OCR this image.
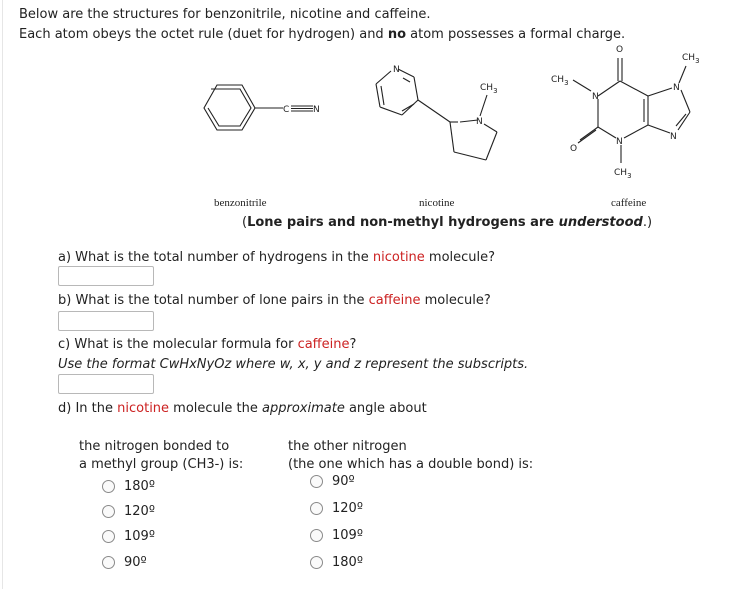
Below are the structures for benzonitrile, nicotine and caffeine.
Each atom obeys the octet rule (duet for hydrogen) and no atom possesses a formal charge.
C	N
N
N
$CH_3$
$CH_3$
N
O
O
N
$CH_3$
N
N
$CH_3$
benzonitrile	nicotine	caffeine
(Lone pairs and non-methyl hydrogens are understood.)
a) What is the total number of hydrogens in the nicotine molecule?
b) What is the total number of lone pairs in the caffeine molecule?
c) What is the molecular formula for caffeine?
Use the format CwHxNyOz where w, x, y and z represent the subscripts.
d) In the nicotine molecule the approximate angle about
the nitrogen bonded to
a methyl group (CH3-) is:
the other nitrogen
(the one which has a double bond) is:
180º
120º
109º
90º
90º
120º
109º
180º
